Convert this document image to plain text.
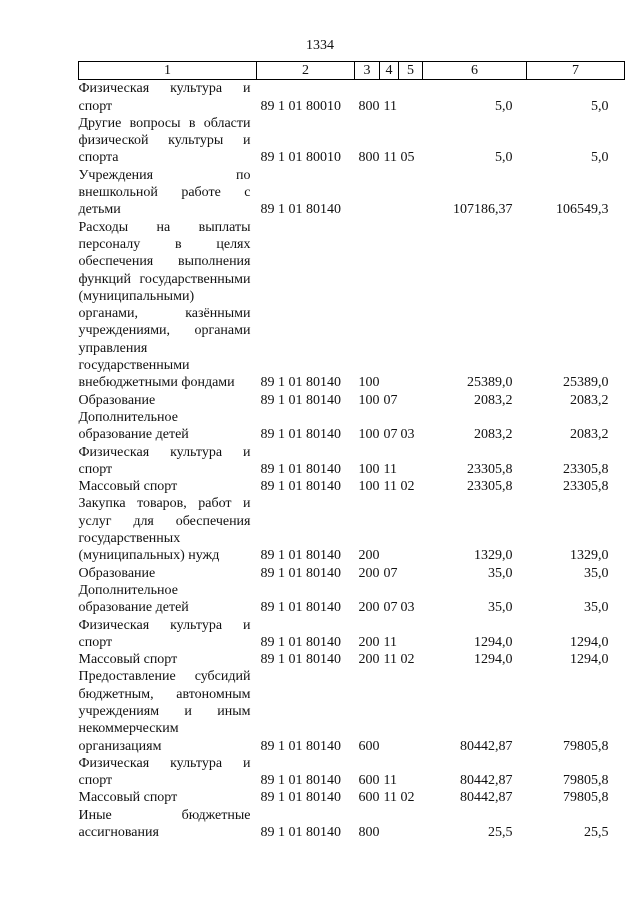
1334
1	2	3	4	5	6	7
Физическая культура и спорт	89 1 01 80010	800	11		5,0	5,0
Другие вопросы в области физической культуры и спорта	89 1 01 80010	800	11	05	5,0	5,0
Учреждения по внешкольной работе с детьми	89 1 01 80140				107186,37	106549,3
Расходы на выплаты персоналу в целях обеспечения выполнения функций государственными (муниципальными) органами, казёнными учреждениями, органами управления государственными внебюджетными фондами	89 1 01 80140	100			25389,0	25389,0
Образование	89 1 01 80140	100	07		2083,2	2083,2
Дополнительное образование детей	89 1 01 80140	100	07	03	2083,2	2083,2
Физическая культура и спорт	89 1 01 80140	100	11		23305,8	23305,8
Массовый спорт	89 1 01 80140	100	11	02	23305,8	23305,8
Закупка товаров, работ и услуг для обеспечения государственных (муниципальных) нужд	89 1 01 80140	200			1329,0	1329,0
Образование	89 1 01 80140	200	07		35,0	35,0
Дополнительное образование детей	89 1 01 80140	200	07	03	35,0	35,0
Физическая культура и спорт	89 1 01 80140	200	11		1294,0	1294,0
Массовый спорт	89 1 01 80140	200	11	02	1294,0	1294,0
Предоставление субсидий бюджетным, автономным учреждениям и иным некоммерческим организациям	89 1 01 80140	600			80442,87	79805,8
Физическая культура и спорт	89 1 01 80140	600	11		80442,87	79805,8
Массовый спорт	89 1 01 80140	600	11	02	80442,87	79805,8
Иные бюджетные ассигнования	89 1 01 80140	800			25,5	25,5
